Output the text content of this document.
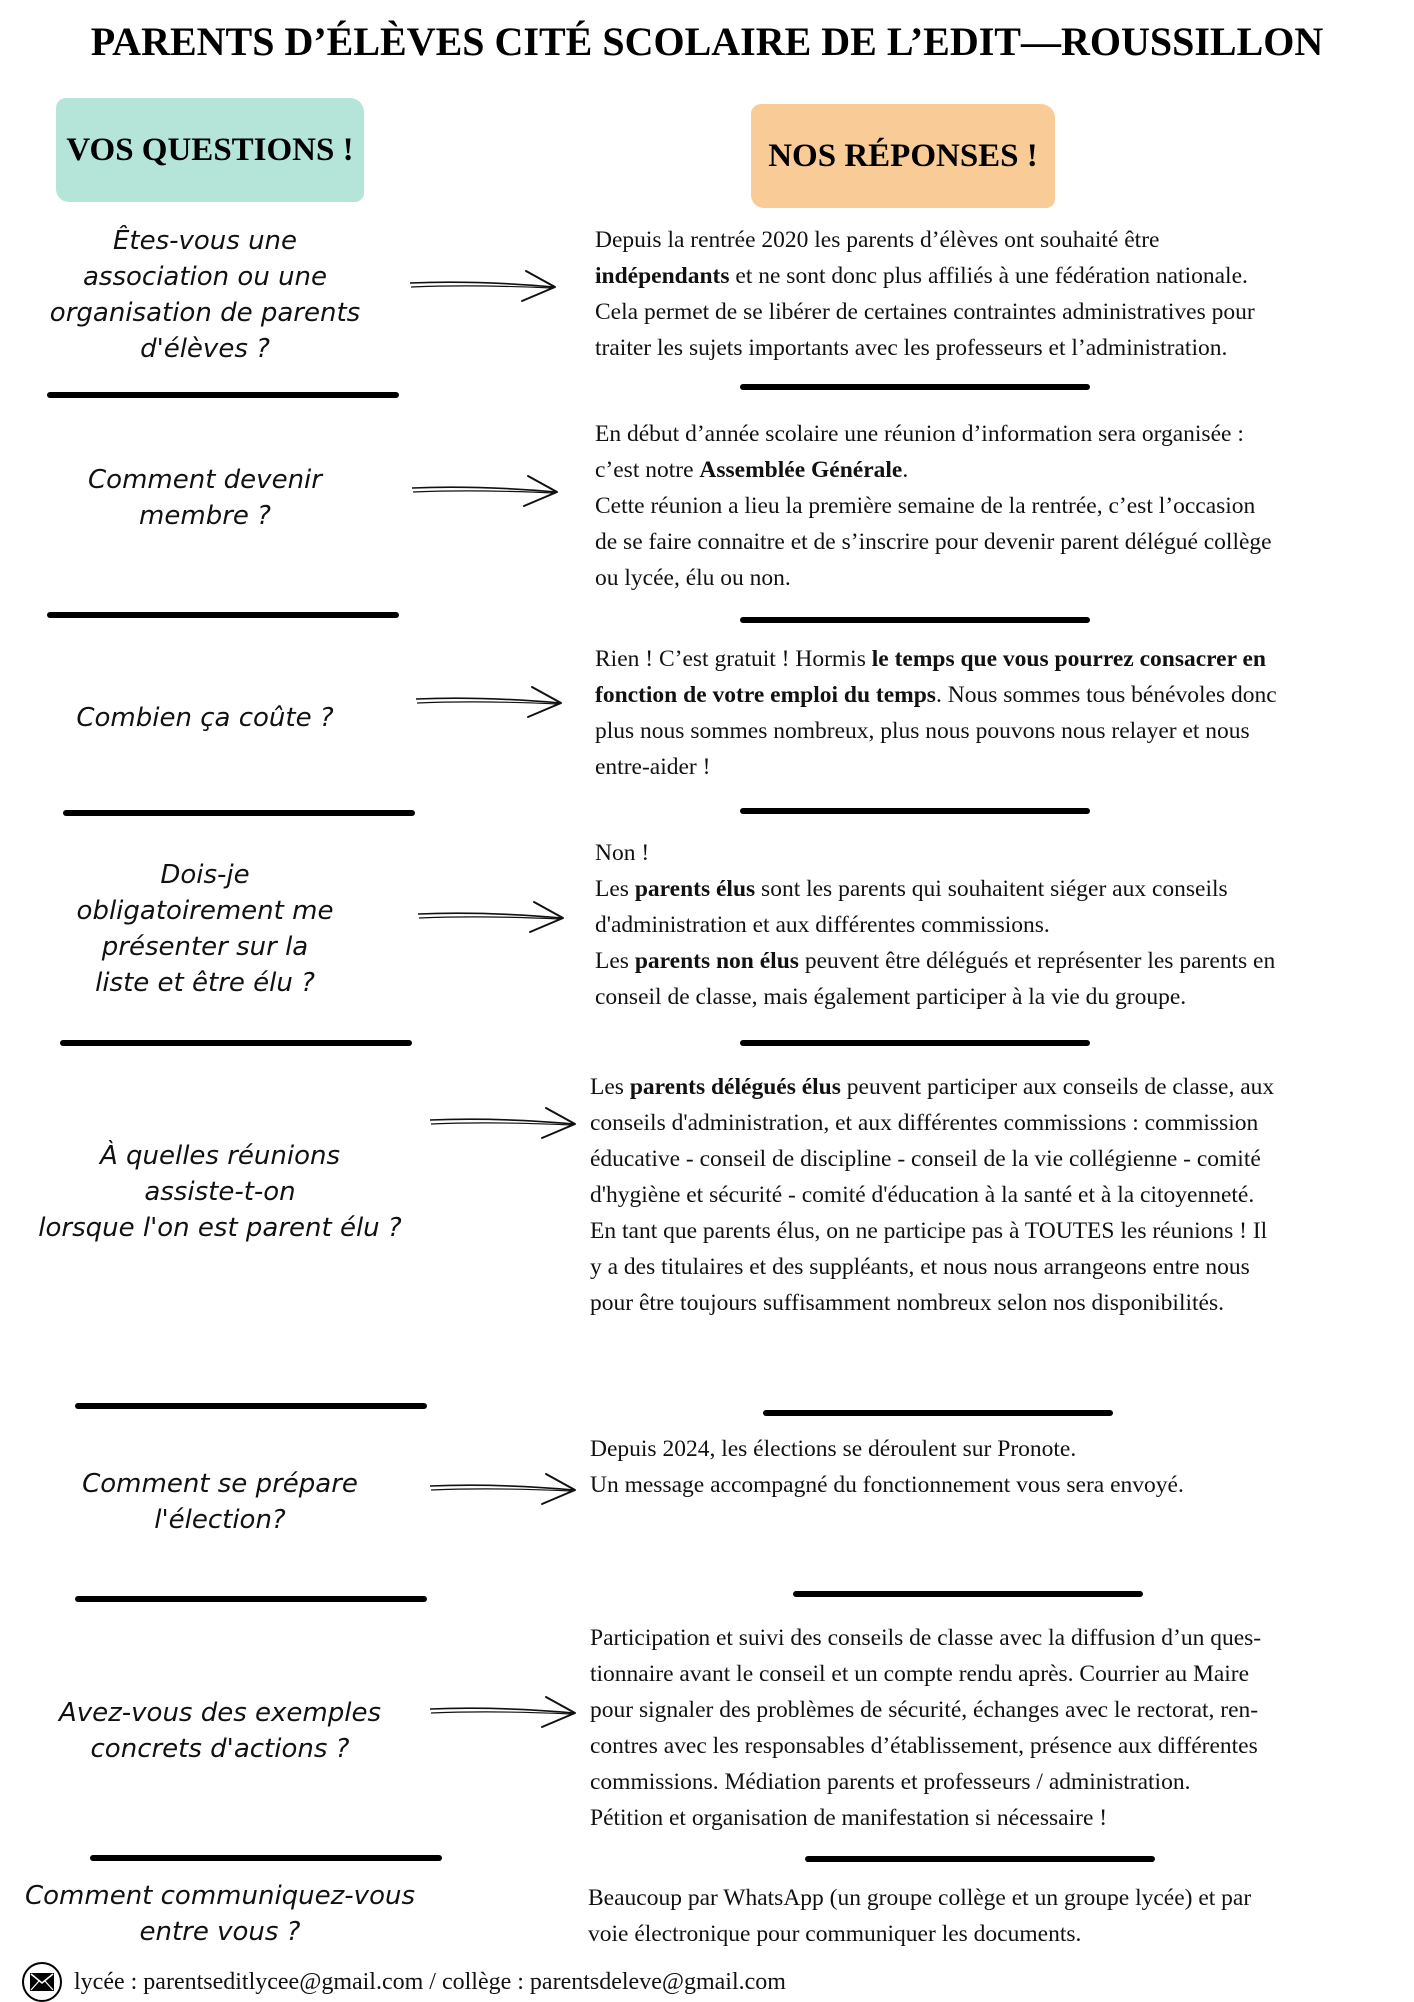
PARENTS D’ÉLÈVES CITÉ SCOLAIRE DE L’EDIT—ROUSSILLON
VOS QUESTIONS !	NOS RÉPONSES !
Êtes-vous une
association ou une
organisation de parents
d'élèves ?
Depuis la rentrée 2020 les parents d’élèves ont souhaité être
indépendants et ne sont donc plus affiliés à une fédération nationale.
Cela permet de se libérer de certaines contraintes administratives pour
traiter les sujets importants avec les professeurs et l’administration.
Comment devenir
membre ?
En début d’année scolaire une réunion d’information sera organisée :
c’est notre Assemblée Générale.
Cette réunion a lieu la première semaine de la rentrée, c’est l’occasion
de se faire connaitre et de s’inscrire pour devenir parent délégué collège
ou lycée, élu ou non.
Combien ça coûte ?
Rien ! C’est gratuit ! Hormis le temps que vous pourrez consacrer en
fonction de votre emploi du temps. Nous sommes tous bénévoles donc
plus nous sommes nombreux, plus nous pouvons nous relayer et nous
entre-aider !
Dois-je
obligatoirement me
présenter sur la
liste et être élu ?
Non !
Les parents élus sont les parents qui souhaitent siéger aux conseils
d'administration et aux différentes commissions.
Les parents non élus peuvent être délégués et représenter les parents en
conseil de classe, mais également participer à la vie du groupe.
À quelles réunions
assiste-t-on
lorsque l'on est parent élu ?
Les parents délégués élus peuvent participer aux conseils de classe, aux
conseils d'administration, et aux différentes commissions : commission
éducative - conseil de discipline - conseil de la vie collégienne - comité
d'hygiène et sécurité - comité d'éducation à la santé et à la citoyenneté.
En tant que parents élus, on ne participe pas à TOUTES les réunions ! Il
y a des titulaires et des suppléants, et nous nous arrangeons entre nous
pour être toujours suffisamment nombreux selon nos disponibilités.
Comment se prépare
l'élection?
Depuis 2024, les élections se déroulent sur Pronote.
Un message accompagné du fonctionnement vous sera envoyé.
Avez-vous des exemples
concrets d'actions ?
Participation et suivi des conseils de classe avec la diffusion d’un ques-
tionnaire avant le conseil et un compte rendu après. Courrier au Maire
pour signaler des problèmes de sécurité, échanges avec le rectorat, ren-
contres avec les responsables d’établissement, présence aux différentes
commissions. Médiation parents et professeurs / administration.
Pétition et organisation de manifestation si nécessaire !
Comment communiquez-vous
entre vous ?
Beaucoup par WhatsApp (un groupe collège et un groupe lycée) et par
voie électronique pour communiquer les documents.
lycée : parentseditlycee@gmail.com / collège : parentsdeleve@gmail.com
